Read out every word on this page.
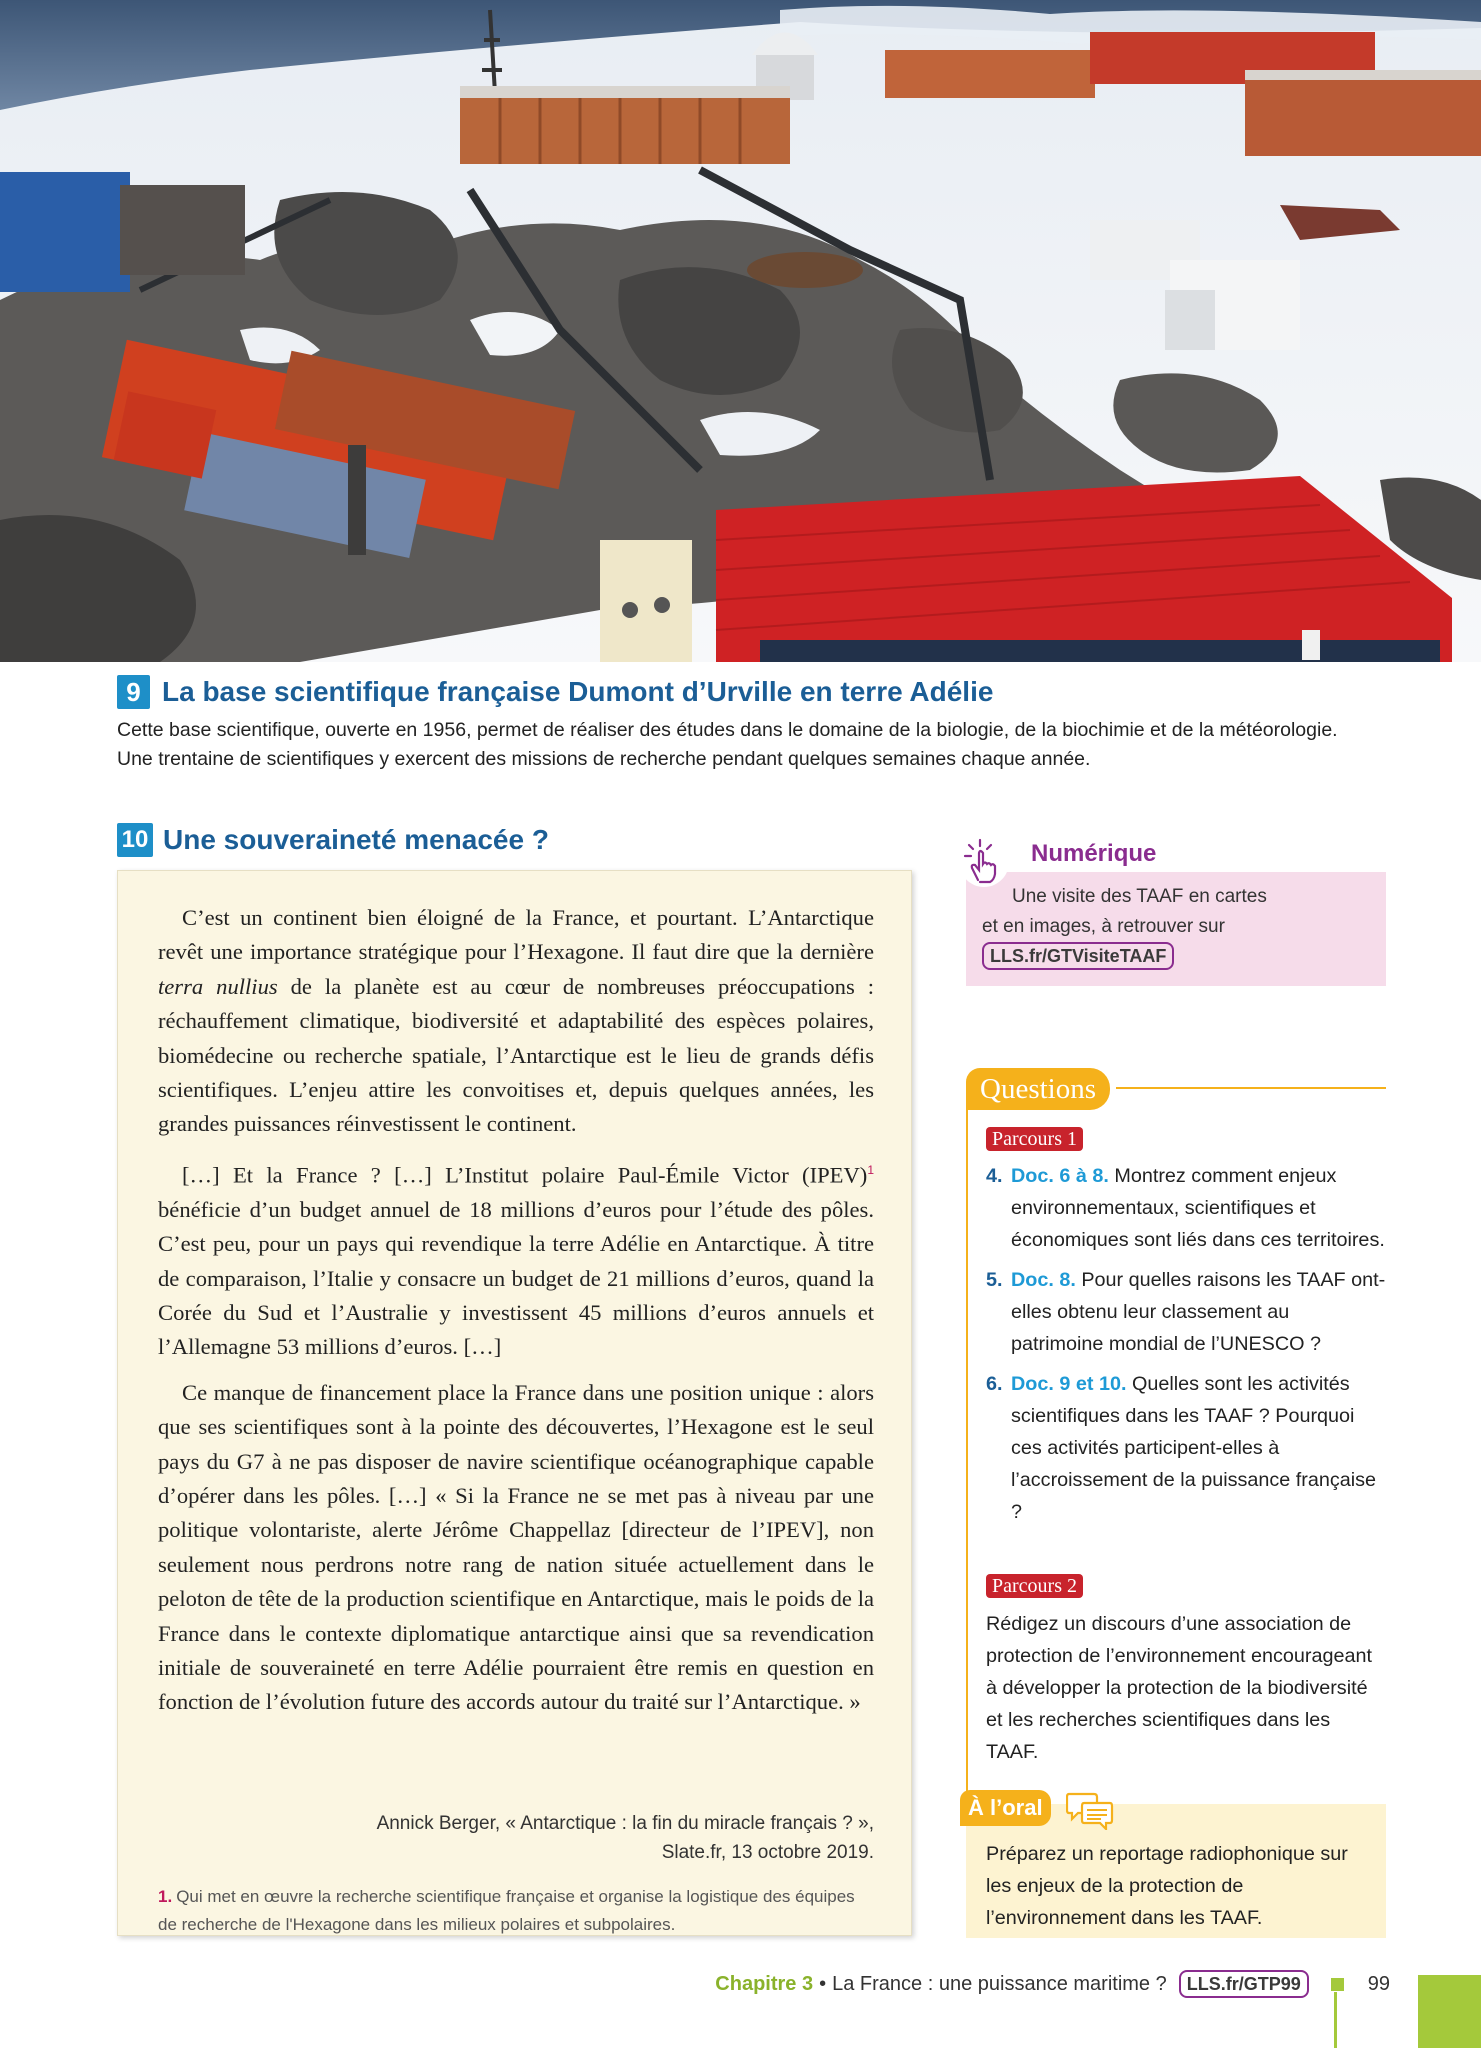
9 La base scientifique française Dumont d’Urville en terre Adélie

Cette base scientifique, ouverte en 1956, permet de réaliser des études dans le domaine de la biologie, de la biochimie et de la météorologie. Une trentaine de scientifiques y exercent des missions de recherche pendant quelques semaines chaque année.

10 Une souveraineté menacée ?

C’est un continent bien éloigné de la France, et pourtant. L’Antarctique revêt une importance stratégique pour l’Hexagone. Il faut dire que la dernière terra nullius de la planète est au cœur de nombreuses préoccupations : réchauffement climatique, biodiversité et adaptabilité des espèces polaires, biomédecine ou recherche spatiale, l’Antarctique est le lieu de grands défis scientifiques. L’enjeu attire les convoitises et, depuis quelques années, les grandes puissances réinvestissent le continent.

[…] Et la France ? […] L’Institut polaire Paul-Émile Victor (IPEV)$^1$ bénéficie d’un budget annuel de 18 millions d’euros pour l’étude des pôles. C’est peu, pour un pays qui revendique la terre Adélie en Antarctique. À titre de comparaison, l’Italie y consacre un budget de 21 millions d’euros, quand la Corée du Sud et l’Australie y investissent 45 millions d’euros annuels et l’Allemagne 53 millions d’euros. […]

Ce manque de financement place la France dans une position unique : alors que ses scientifiques sont à la pointe des découvertes, l’Hexagone est le seul pays du G7 à ne pas disposer de navire scientifique océanographique capable d’opérer dans les pôles. […] « Si la France ne se met pas à niveau par une politique volontariste, alerte Jérôme Chappellaz [directeur de l’IPEV], non seulement nous perdrons notre rang de nation située actuellement dans le peloton de tête de la production scientifique en Antarctique, mais le poids de la France dans le contexte diplomatique antarctique ainsi que sa revendication initiale de souveraineté en terre Adélie pourraient être remis en question en fonction de l’évolution future des accords autour du traité sur l’Antarctique. »

Annick Berger, « Antarctique : la fin du miracle français ? »,
Slate.fr, 13 octobre 2019.
1. Qui met en œuvre la recherche scientifique française et organise la logistique des équipes de recherche de l'Hexagone dans les milieux polaires et subpolaires.
Une visite des TAAF en cartes
et en images, à retrouver sur
LLS.fr/GTVisiteTAAF
Numérique
Questions
Parcours 1
4. Doc. 6 à 8. Montrez comment enjeux environnementaux, scientifiques et économiques sont liés dans ces territoires.
5. Doc. 8. Pour quelles raisons les TAAF ont-elles obtenu leur classement au patrimoine mondial de l’UNESCO ?
6. Doc. 9 et 10. Quelles sont les activités scientifiques dans les TAAF ? Pourquoi ces activités participent-elles à l’accroissement de la puissance française ?
Parcours 2

Rédigez un discours d’une association de protection de l’environnement encourageant à développer la protection de la biodiversité et les recherches scientifiques dans les TAAF.

À l’oral

Préparez un reportage radiophonique sur les enjeux de la protection de l’environnement dans les TAAF.

Chapitre 3 • La France : une puissance maritime ?	LLS.fr/GTP99	99
